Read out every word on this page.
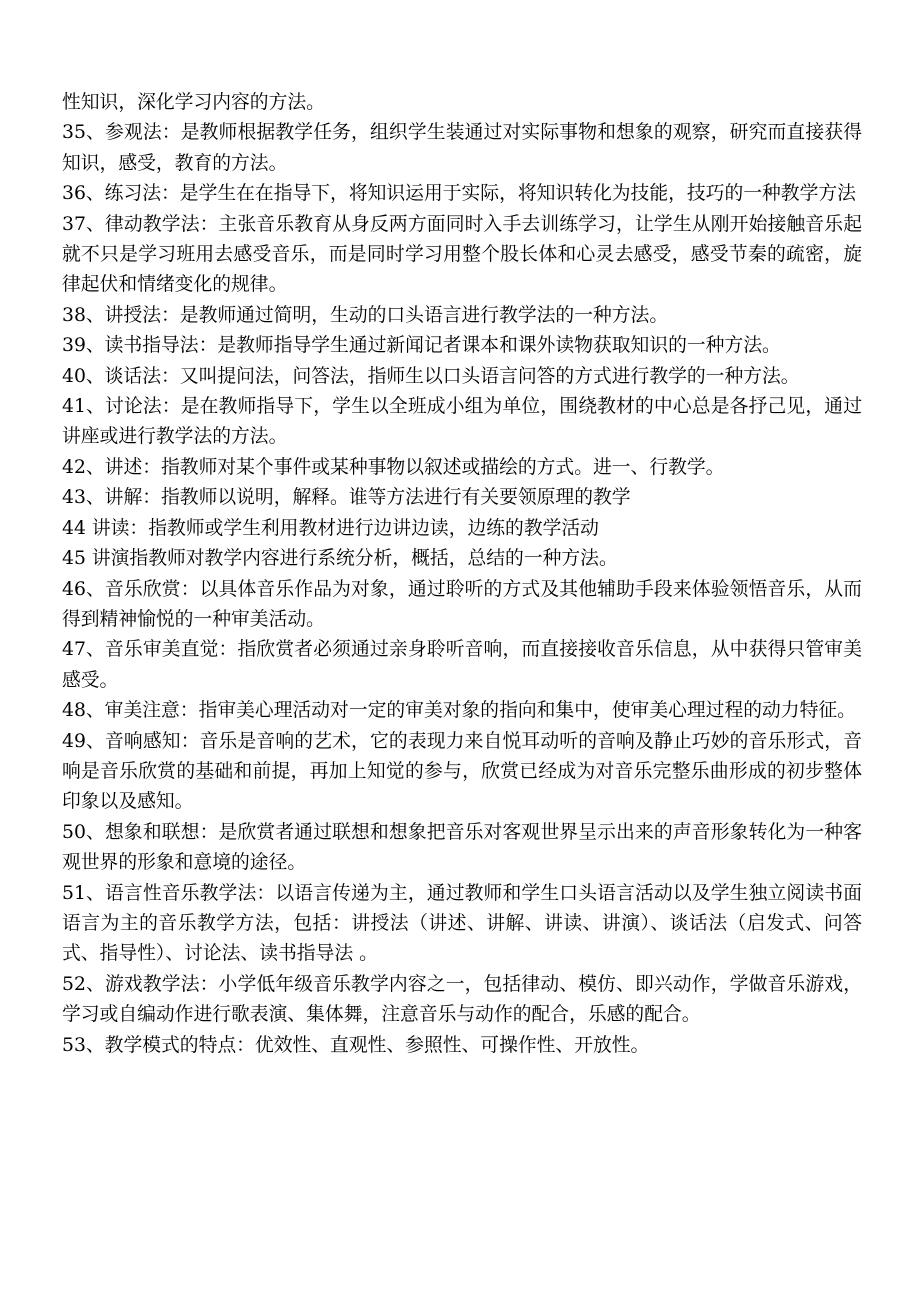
性知识，深化学习内容的方法。

35、参观法：是教师根据教学任务，组织学生装通过对实际事物和想象的观察，研究而直接获得知识，感受，教育的方法。

36、练习法：是学生在在指导下，将知识运用于实际，将知识转化为技能，技巧的一种教学方法

37、律动教学法：主张音乐教育从身反两方面同时入手去训练学习，让学生从刚开始接触音乐起就不只是学习班用去感受音乐，而是同时学习用整个股长体和心灵去感受，感受节秦的疏密，旋律起伏和情绪变化的规律。

38、讲授法：是教师通过简明，生动的口头语言进行教学法的一种方法。

39、读书指导法：是教师指导学生通过新闻记者课本和课外读物获取知识的一种方法。

40、谈话法：又叫提问法，问答法，指师生以口头语言问答的方式进行教学的一种方法。

41、讨论法：是在教师指导下，学生以全班成小组为单位，围绕教材的中心总是各抒己见，通过讲座或进行教学法的方法。

42、讲述：指教师对某个事件或某种事物以叙述或描绘的方式。进一、行教学。

43、讲解：指教师以说明，解释。谁等方法进行有关要领原理的教学

44 讲读：指教师或学生利用教材进行边讲边读，边练的教学活动

45 讲演指教师对教学内容进行系统分析，概括，总结的一种方法。

46、音乐欣赏：以具体音乐作品为对象，通过聆听的方式及其他辅助手段来体验领悟音乐，从而得到精神愉悦的一种审美活动。

47、音乐审美直觉：指欣赏者必须通过亲身聆听音响，而直接接收音乐信息，从中获得只管审美感受。

48、审美注意：指审美心理活动对一定的审美对象的指向和集中，使审美心理过程的动力特征。

49、音响感知：音乐是音响的艺术，它的表现力来自悦耳动听的音响及静止巧妙的音乐形式，音响是音乐欣赏的基础和前提，再加上知觉的参与，欣赏已经成为对音乐完整乐曲形成的初步整体印象以及感知。

50、想象和联想：是欣赏者通过联想和想象把音乐对客观世界呈示出来的声音形象转化为一种客观世界的形象和意境的途径。

51、语言性音乐教学法：以语言传递为主，通过教师和学生口头语言活动以及学生独立阅读书面语言为主的音乐教学方法，包括：讲授法（讲述、讲解、讲读、讲演）、谈话法（启发式、问答式、指导性）、讨论法、读书指导法 。

52、游戏教学法：小学低年级音乐教学内容之一，包括律动、模仿、即兴动作，学做音乐游戏，学习或自编动作进行歌表演、集体舞，注意音乐与动作的配合，乐感的配合。

53、教学模式的特点：优效性、直观性、参照性、可操作性、开放性。
